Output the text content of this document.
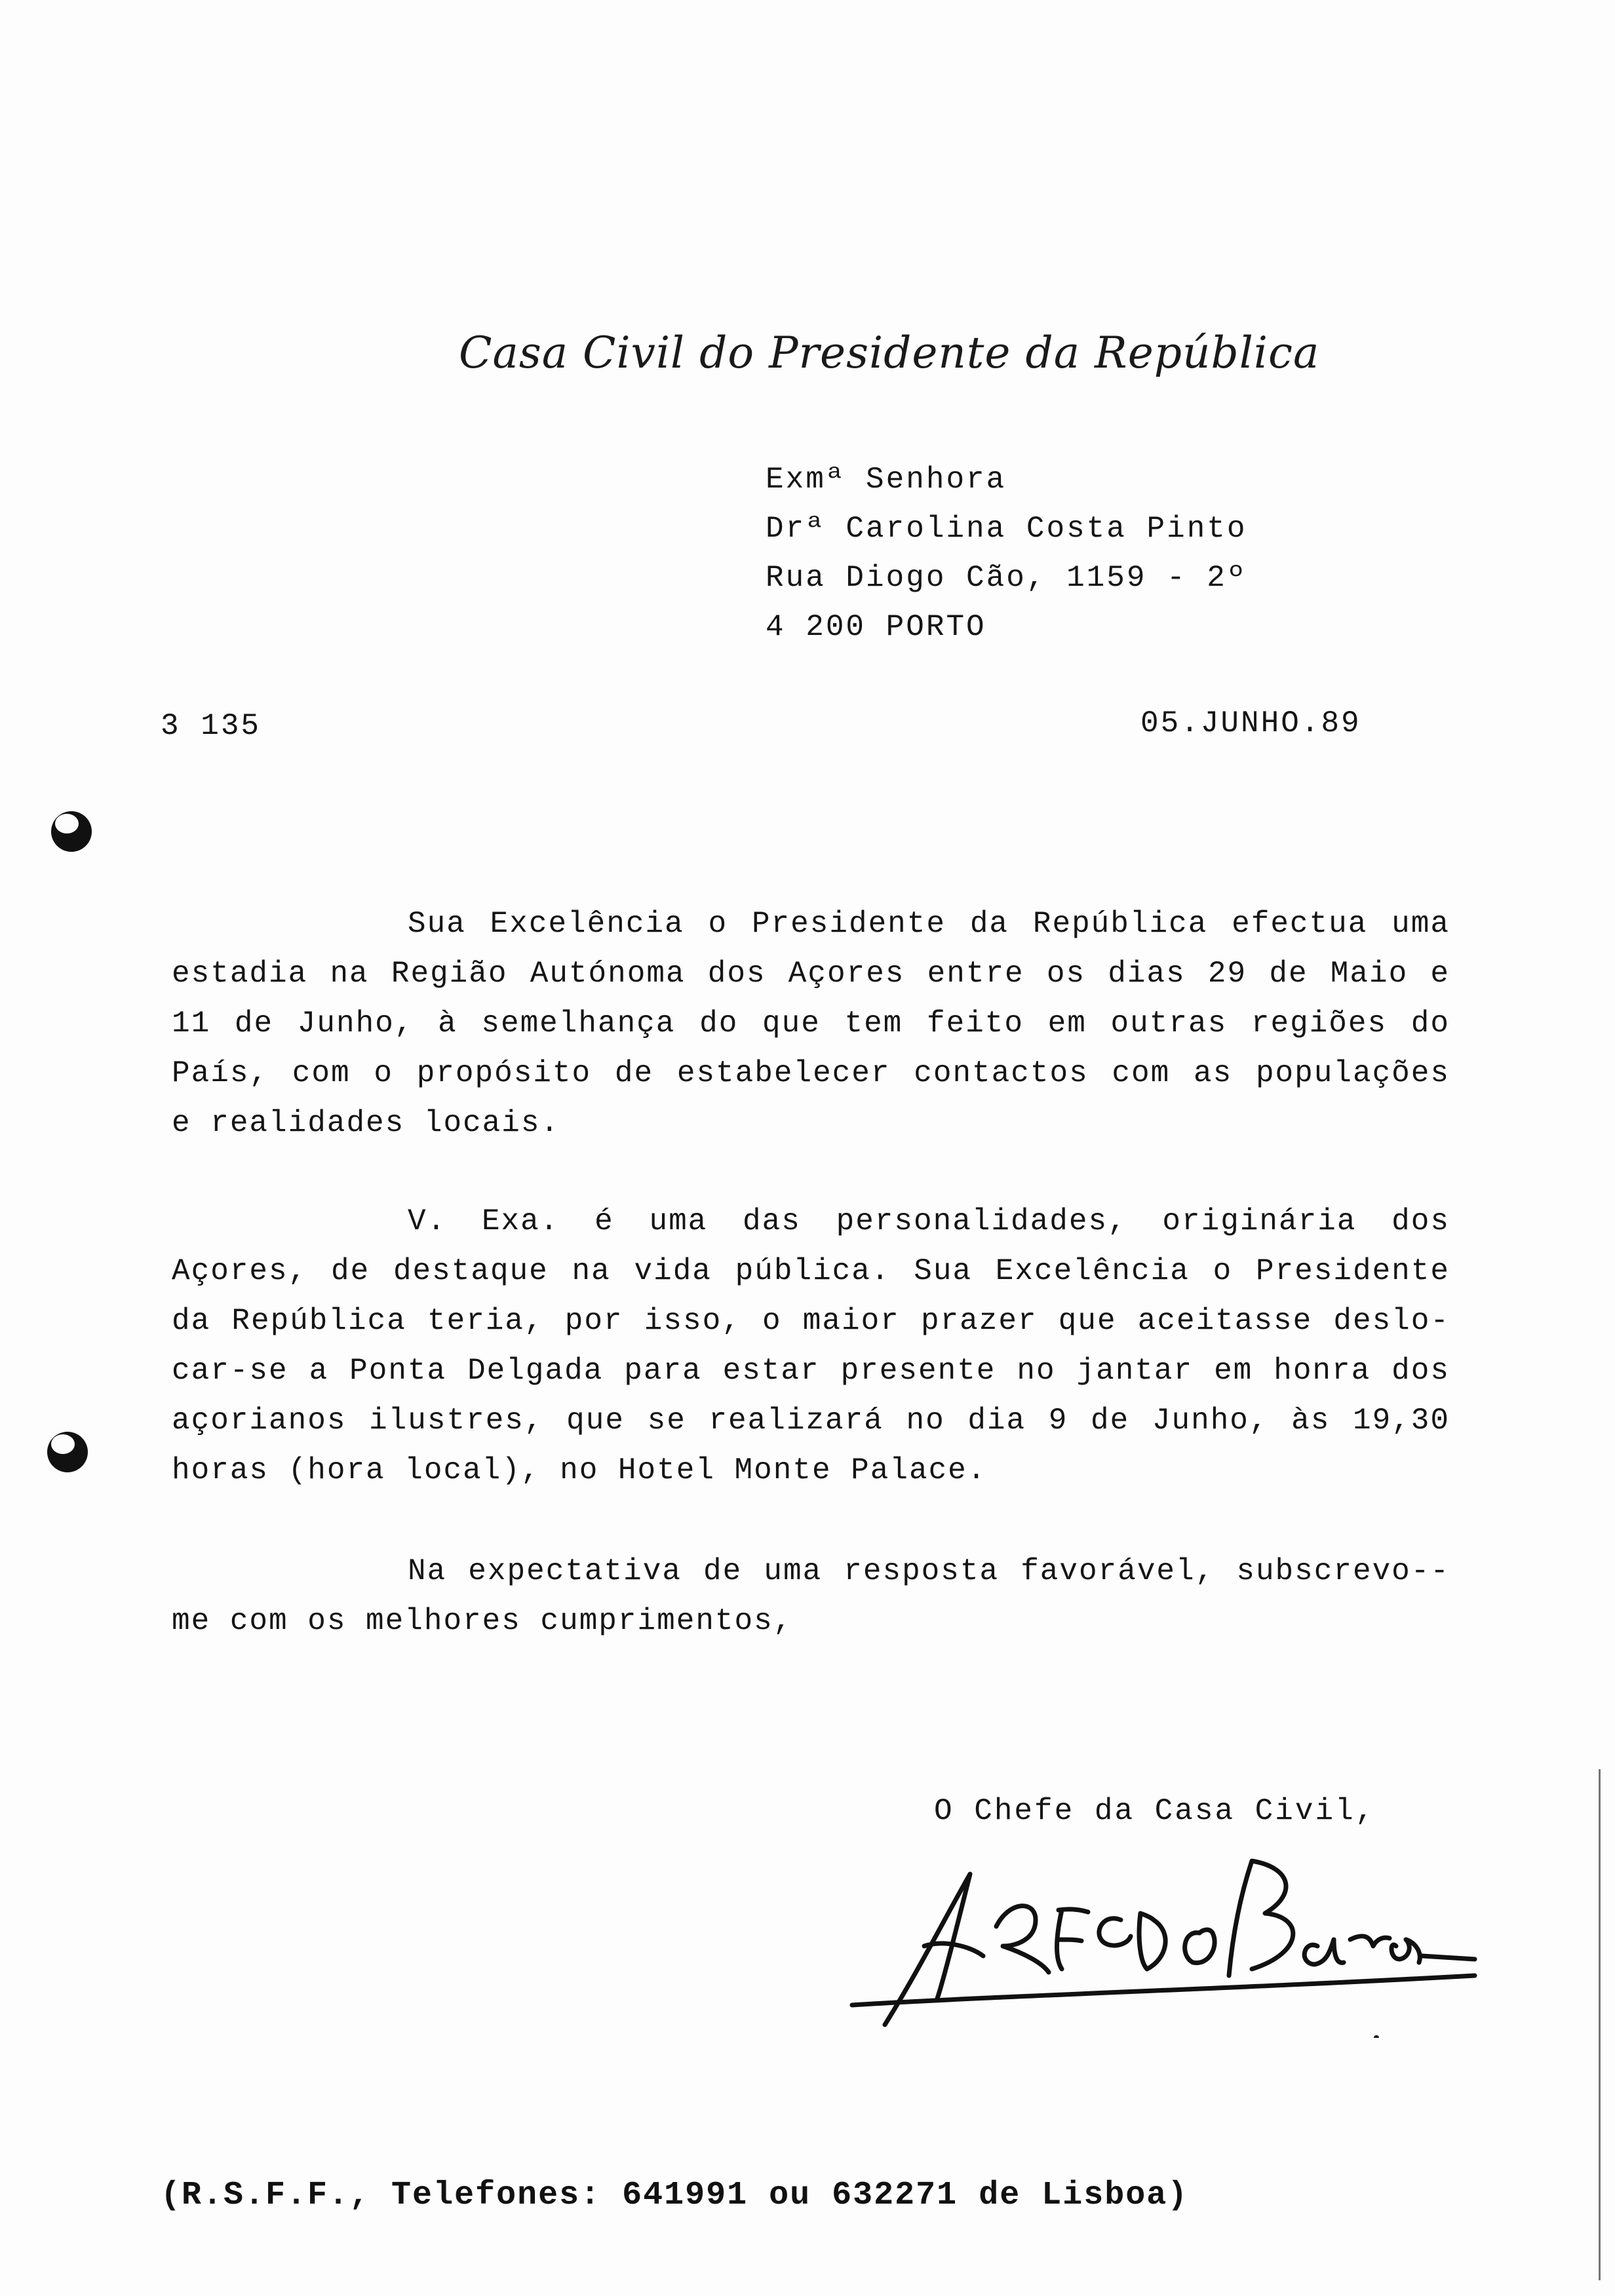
Casa Civil do Presidente da República
Exmª Senhora
Drª Carolina Costa Pinto
Rua Diogo Cão, 1159 - 2º
4 200 PORTO
3 135	05.JUNHO.89
Sua Excelência o Presidente da República efectua uma estadia na Região Autónoma dos Açores entre os dias 29 de Maio e 11 de Junho, à semelhança do que tem feito em outras regiões do País, com o propósito de estabelecer contactos com as populações e realidades locais.
V. Exa. é uma das personalidades, originária dos Açores, de destaque na vida pública. Sua Excelência o Presidente da República teria, por isso, o maior prazer que aceitasse deslo-car-se a Ponta Delgada para estar presente no jantar em honra dos açorianos ilustres, que se realizará no dia 9 de Junho, às 19,30 horas (hora local), no Hotel Monte Palace.
Na expectativa de uma resposta favorável, subscrevo--me com os melhores cumprimentos,
O Chefe da Casa Civil,
(R.S.F.F., Telefones: 641991 ou 632271 de Lisboa)
